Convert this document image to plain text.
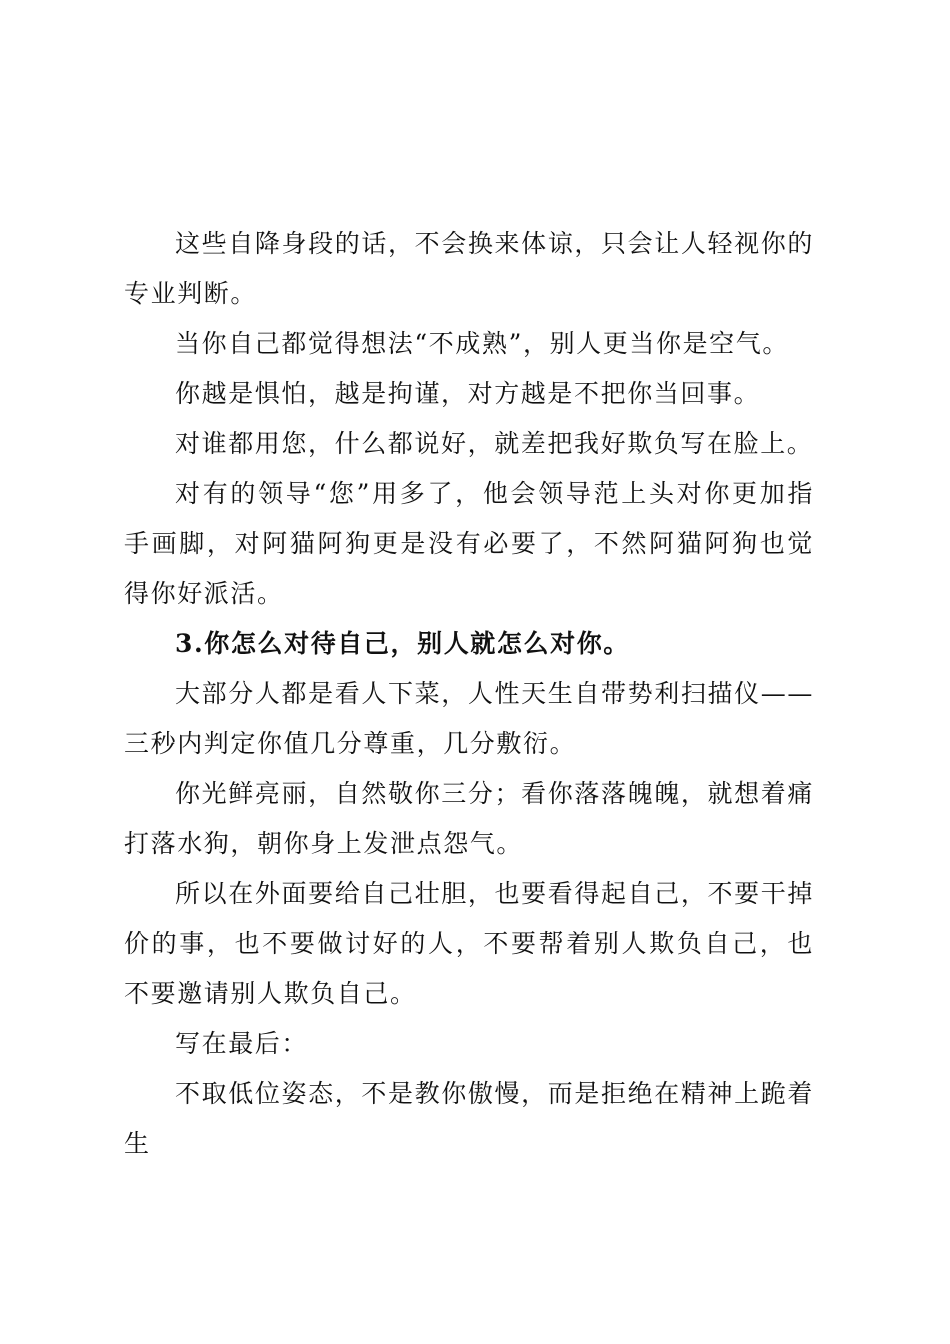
这些自降身段的话，不会换来体谅，只会让人轻视你的专业判断。

当你自己都觉得想法“不成熟”，别人更当你是空气。

你越是惧怕，越是拘谨，对方越是不把你当回事。

对谁都用您，什么都说好，就差把我好欺负写在脸上。

对有的领导“您”用多了，他会领导范上头对你更加指手画脚，对阿猫阿狗更是没有必要了，不然阿猫阿狗也觉得你好派活。

3.你怎么对待自己，别人就怎么对你。

大部分人都是看人下菜，人性天生自带势利扫描仪——三秒内判定你值几分尊重，几分敷衍。

你光鲜亮丽，自然敬你三分；看你落落魄魄，就想着痛打落水狗，朝你身上发泄点怨气。

所以在外面要给自己壮胆，也要看得起自己，不要干掉价的事，也不要做讨好的人，不要帮着别人欺负自己，也不要邀请别人欺负自己。

写在最后：

不取低位姿态，不是教你傲慢，而是拒绝在精神上跪着生
